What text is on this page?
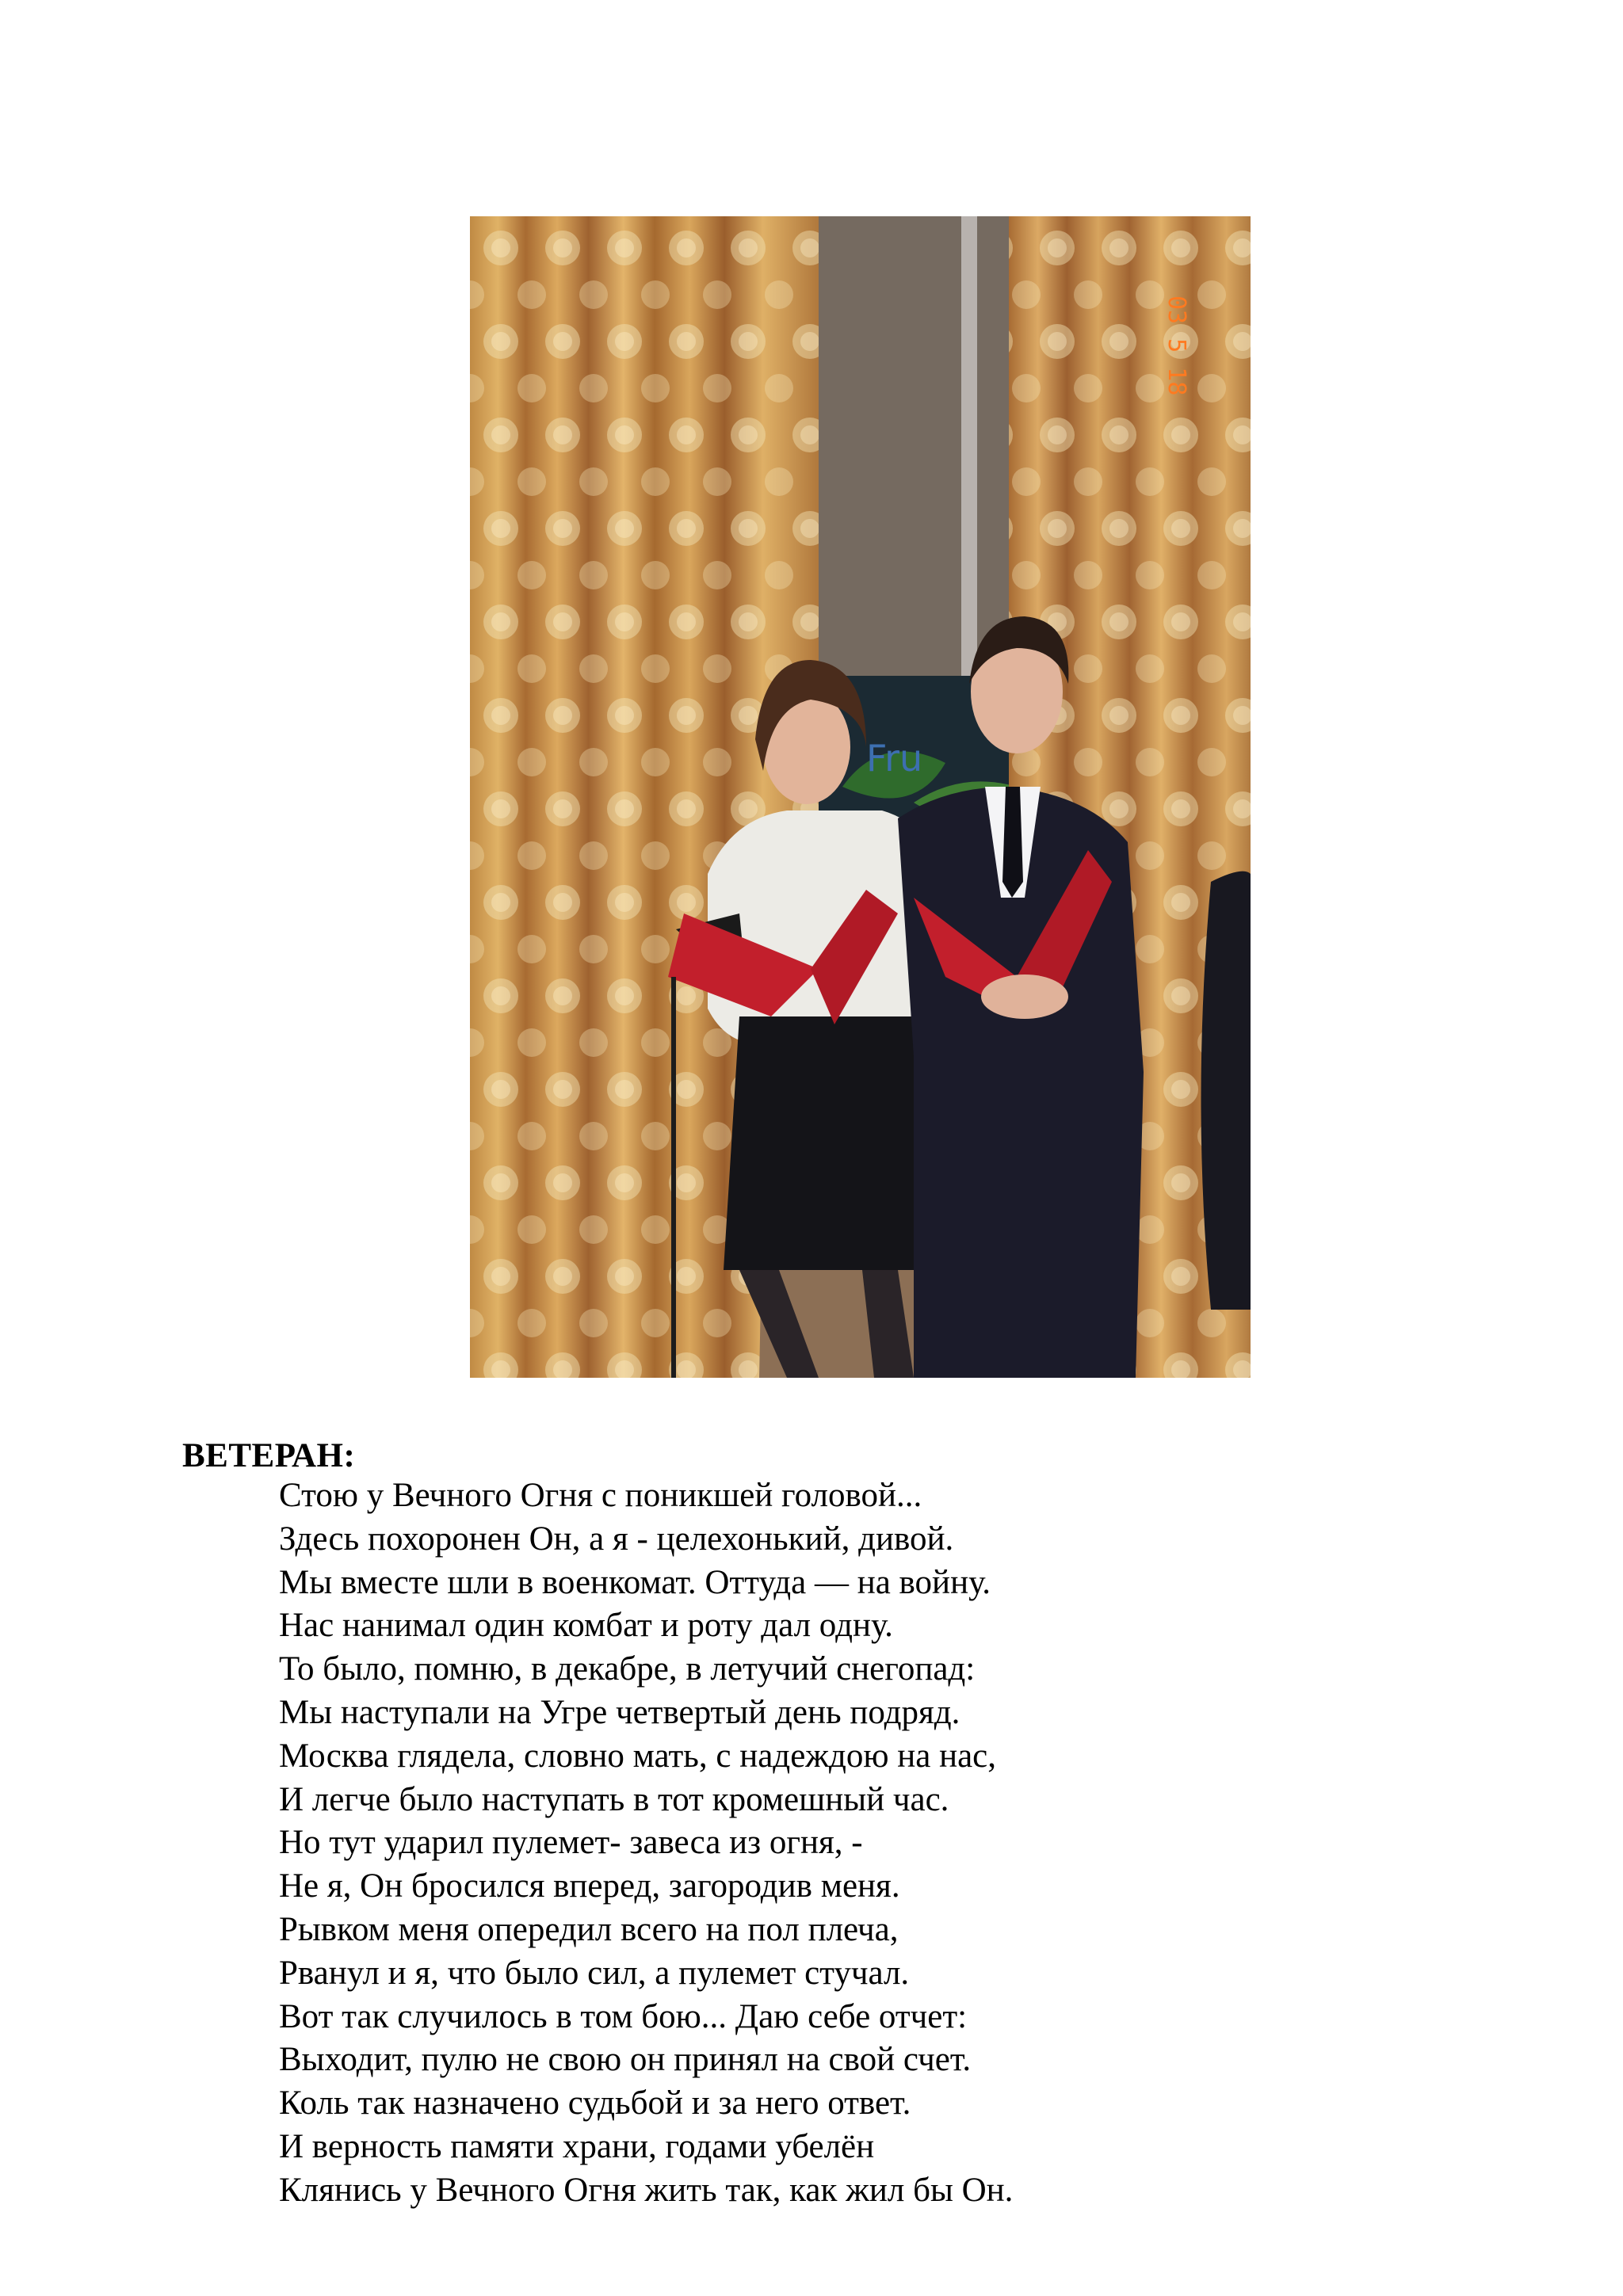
Fru
03 5 18
ВЕТЕРАН:
Стою у Вечного Огня с поникшей головой...
Здесь похоронен Он, а я - целехонький, дивой.
Мы вместе шли в военкомат. Оттуда — на войну.
Нас нанимал один комбат и роту дал одну.
То было, помню, в декабре, в летучий снегопад:
Мы наступали на Угре четвертый день подряд.
Москва глядела, словно мать, с надеждою на нас,
И легче было наступать в тот кромешный час.
Но тут ударил пулемет- завеса из огня, -
Не я, Он бросился вперед, загородив меня.
Рывком меня опередил всего на пол плеча,
Рванул и я, что было сил, а пулемет стучал.
Вот так случилось в том бою... Даю себе отчет:
Выходит, пулю не свою он принял на свой счет.
Коль так назначено судьбой и за него ответ.
И верность памяти храни, годами убелён
Клянись у Вечного Огня жить так, как жил бы Он.
